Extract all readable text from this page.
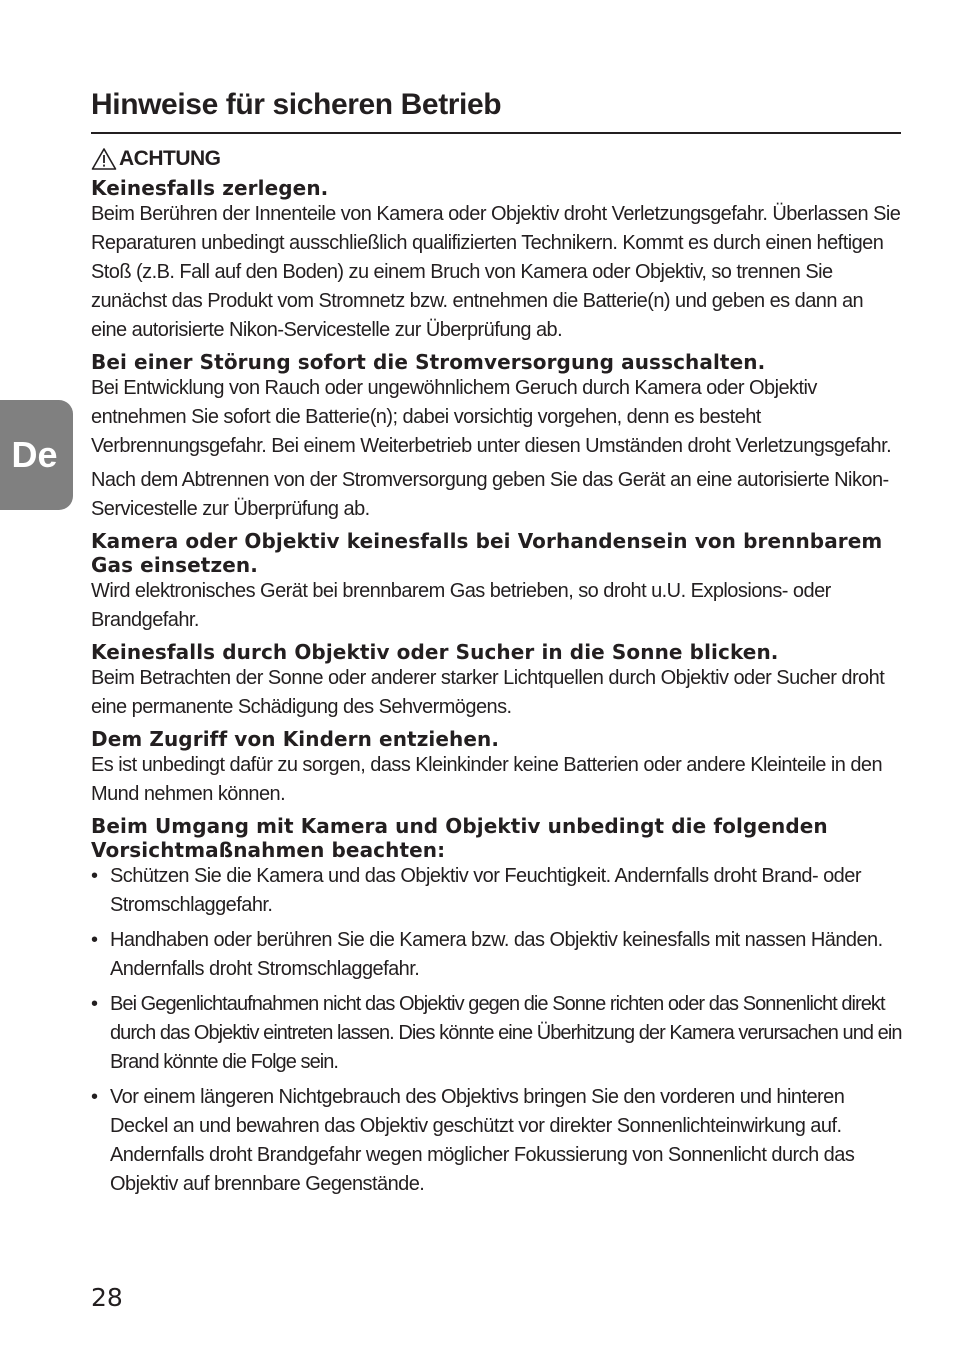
Hinweise für sicheren Betrieb
De
ACHTUNG
Keinesfalls zerlegen.

Beim Berühren der Innenteile von Kamera oder Objektiv droht Verletzungsgefahr. Überlassen Sie Reparaturen unbedingt ausschließlich qualifizierten Technikern. Kommt es durch einen heftigen Stoß (z.B. Fall auf den Boden) zu einem Bruch von Kamera oder Objektiv, so trennen Sie zunächst das Produkt vom Stromnetz bzw. entnehmen die Batterie(n) und geben es dann an eine autorisierte Nikon-Servicestelle zur Überprüfung ab.

Bei einer Störung sofort die Stromversorgung ausschalten.

Bei Entwicklung von Rauch oder ungewöhnlichem Geruch durch Kamera oder Objektiv entnehmen Sie sofort die Batterie(n); dabei vorsichtig vorgehen, denn es besteht Verbrennungsgefahr. Bei einem Weiterbetrieb unter diesen Umständen droht Verletzungsgefahr.

Nach dem Abtrennen von der Stromversorgung geben Sie das Gerät an eine autorisierte Nikon-Servicestelle zur Überprüfung ab.

Kamera oder Objektiv keinesfalls bei Vorhandensein von brennbarem Gas einsetzen.

Wird elektronisches Gerät bei brennbarem Gas betrieben, so droht u.U. Explosions- oder Brandgefahr.

Keinesfalls durch Objektiv oder Sucher in die Sonne blicken.

Beim Betrachten der Sonne oder anderer starker Lichtquellen durch Objektiv oder Sucher droht eine permanente Schädigung des Sehvermögens.

Dem Zugriff von Kindern entziehen.

Es ist unbedingt dafür zu sorgen, dass Kleinkinder keine Batterien oder andere Kleinteile in den Mund nehmen können.

Beim Umgang mit Kamera und Objektiv unbedingt die folgenden Vorsichtmaßnahmen beachten:
• Schützen Sie die Kamera und das Objektiv vor Feuchtigkeit. Andernfalls droht Brand- oder Stromschlaggefahr.
• Handhaben oder berühren Sie die Kamera bzw. das Objektiv keinesfalls mit nassen Händen. Andernfalls droht Stromschlaggefahr.
• Bei Gegenlichtaufnahmen nicht das Objektiv gegen die Sonne richten oder das Sonnenlicht direkt durch das Objektiv eintreten lassen. Dies könnte eine Überhitzung der Kamera verursachen und ein Brand könnte die Folge sein.
• Vor einem längeren Nichtgebrauch des Objektivs bringen Sie den vorderen und hinteren Deckel an und bewahren das Objektiv geschützt vor direkter Sonnenlichteinwirkung auf. Andernfalls droht Brandgefahr wegen möglicher Fokussierung von Sonnenlicht durch das Objektiv auf brennbare Gegenstände.
28
